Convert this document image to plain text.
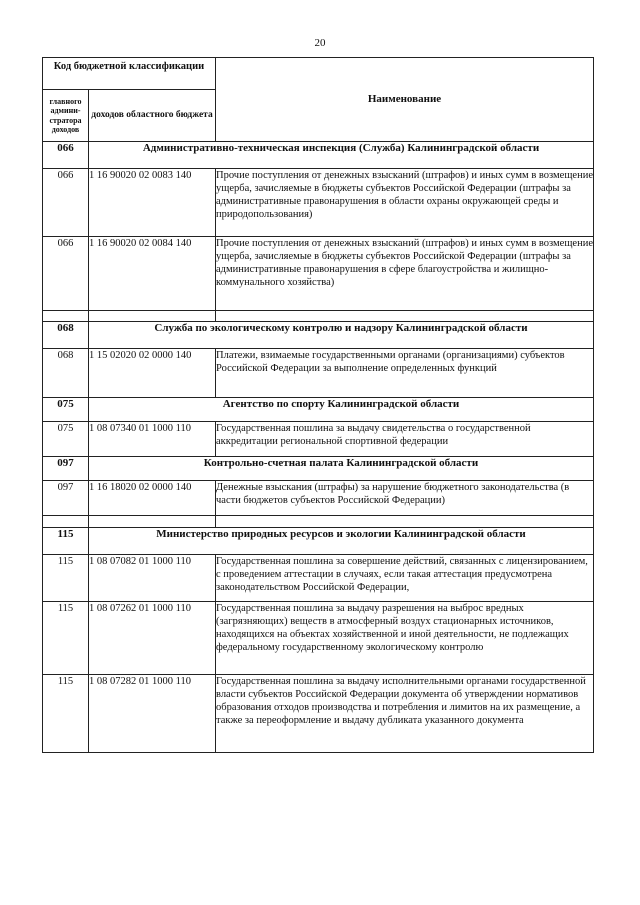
20
Код бюджетной классификации		Наименование
главного админи-стратора доходов	доходов областного бюджета	
066	Административно-техническая инспекция (Служба) Калининградской области	
066	1 16 90020 02 0083 140	Прочие поступления от денежных взысканий (штрафов) и иных сумм в возмещение ущерба, зачисляемые в бюджеты субъектов Российской Федерации (штрафы за административные правонарушения в области охраны окружающей среды и природопользования)
066	1 16 90020 02 0084 140	Прочие поступления от денежных взысканий (штрафов) и иных сумм в возмещение ущерба, зачисляемые в бюджеты субъектов Российской Федерации (штрафы за административные правонарушения в сфере благоустройства и жилищно-коммунального хозяйства)

068	Служба по экологическому контролю и надзору Калининградской области	
068	1 15 02020 02 0000 140	Платежи, взимаемые государственными органами (организациями) субъектов Российской Федерации за выполнение определенных функций
075	Агентство по спорту Калининградской области	
075	1 08 07340 01 1000 110	Государственная пошлина за выдачу свидетельства о государственной аккредитации региональной спортивной федерации
097	Контрольно-счетная палата Калининградской области	
097	1 16 18020 02 0000 140	Денежные взыскания (штрафы) за нарушение бюджетного законодательства (в части бюджетов субъектов Российской Федерации)

115	Министерство природных ресурсов и экологии Калининградской области	
115	1 08 07082 01 1000 110	Государственная пошлина за совершение действий, связанных с лицензированием, с проведением аттестации в случаях, если такая аттестация предусмотрена законодательством Российской Федерации,
115	1 08 07262 01 1000 110	Государственная пошлина за выдачу разрешения на выброс вредных (загрязняющих) веществ в атмосферный воздух стационарных источников, находящихся на объектах хозяйственной и иной деятельности, не подлежащих федеральному государственному экологическому контролю
115	1 08 07282 01 1000 110	Государственная пошлина за выдачу исполнительными органами государственной власти субъектов Российской Федерации документа об утверждении нормативов образования отходов производства и потребления и лимитов на их размещение, а также за переоформление и выдачу дубликата указанного документа
